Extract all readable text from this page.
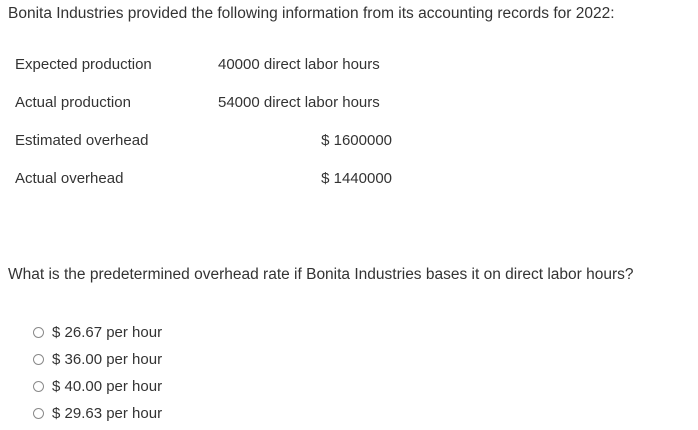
Bonita Industries provided the following information from its accounting records for 2022:
Expected production	40000 direct labor hours
Actual production	54000 direct labor hours
Estimated overhead	$ 1600000
Actual overhead	$ 1440000
What is the predetermined overhead rate if Bonita Industries bases it on direct labor hours?
$ 26.67 per hour
$ 36.00 per hour
$ 40.00 per hour
$ 29.63 per hour
